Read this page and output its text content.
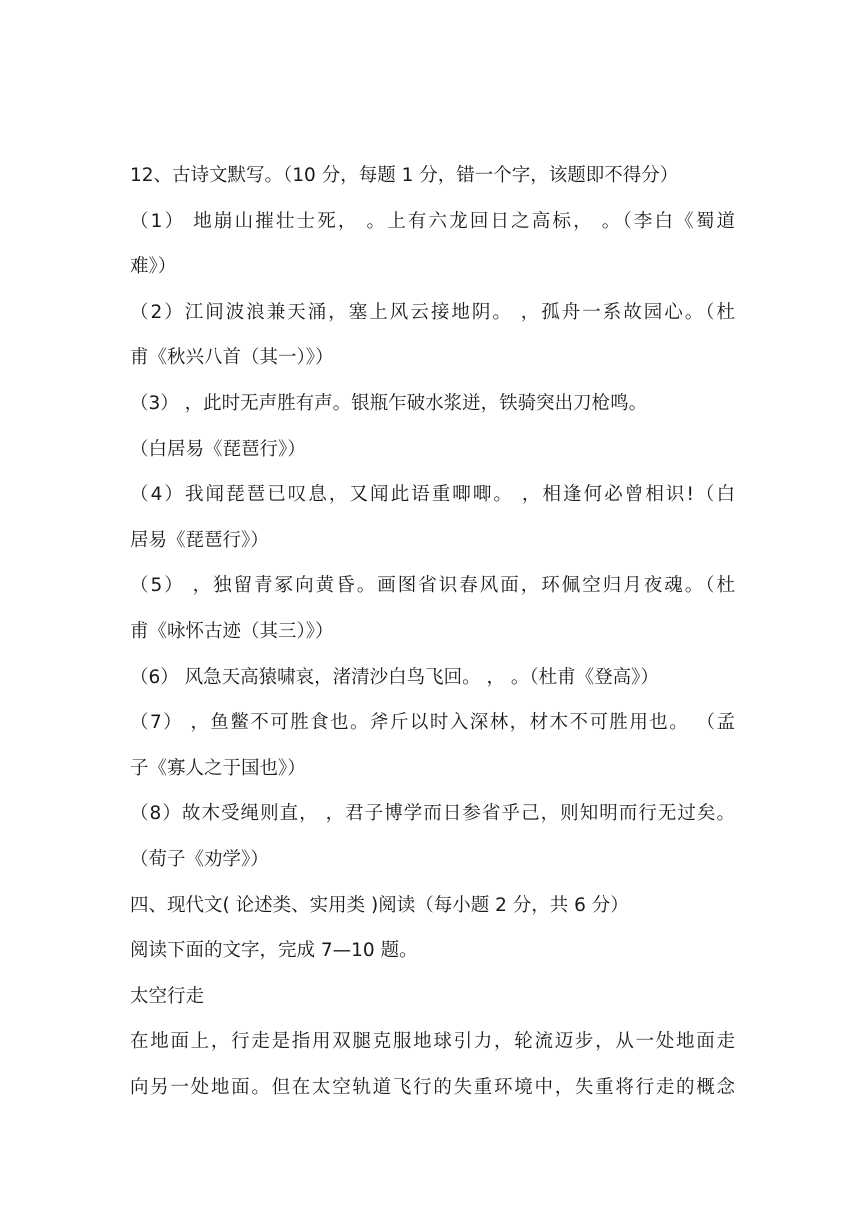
12、古诗文默写。（10 分，每题 1 分，错一个字，该题即不得分）
（1） 地崩山摧壮士死， 。上有六龙回日之高标， 。（李白《蜀道
难》）
（2）江间波浪兼天涌，塞上风云接地阴。 ，孤舟一系故园心。（杜
甫《秋兴八首（其一）》）
（3） ，此时无声胜有声。银瓶乍破水浆迸，铁骑突出刀枪鸣。
（白居易《琵琶行》）
（4）我闻琵琶已叹息，又闻此语重唧唧。 ，相逢何必曾相识!（白
居易《琵琶行》）
（5） ，独留青冢向黄昏。画图省识春风面，环佩空归月夜魂。（杜
甫《咏怀古迹（其三）》）
（6） 风急天高猿啸哀，渚清沙白鸟飞回。 ， 。（杜甫《登高》）
（7） ，鱼鳖不可胜食也。斧斤以时入深林，材木不可胜用也。 （孟
子《寡人之于国也》）
（8）故木受绳则直， ，君子博学而日参省乎己，则知明而行无过矣。
（荀子《劝学》）
四、现代文( 论述类、实用类 )阅读（每小题 2 分，共 6 分）
阅读下面的文字，完成 7—10 题。
太空行走
在地面上，行走是指用双腿克服地球引力，轮流迈步，从一处地面走
向另一处地面。但在太空轨道飞行的失重环境中，失重将行走的概念
